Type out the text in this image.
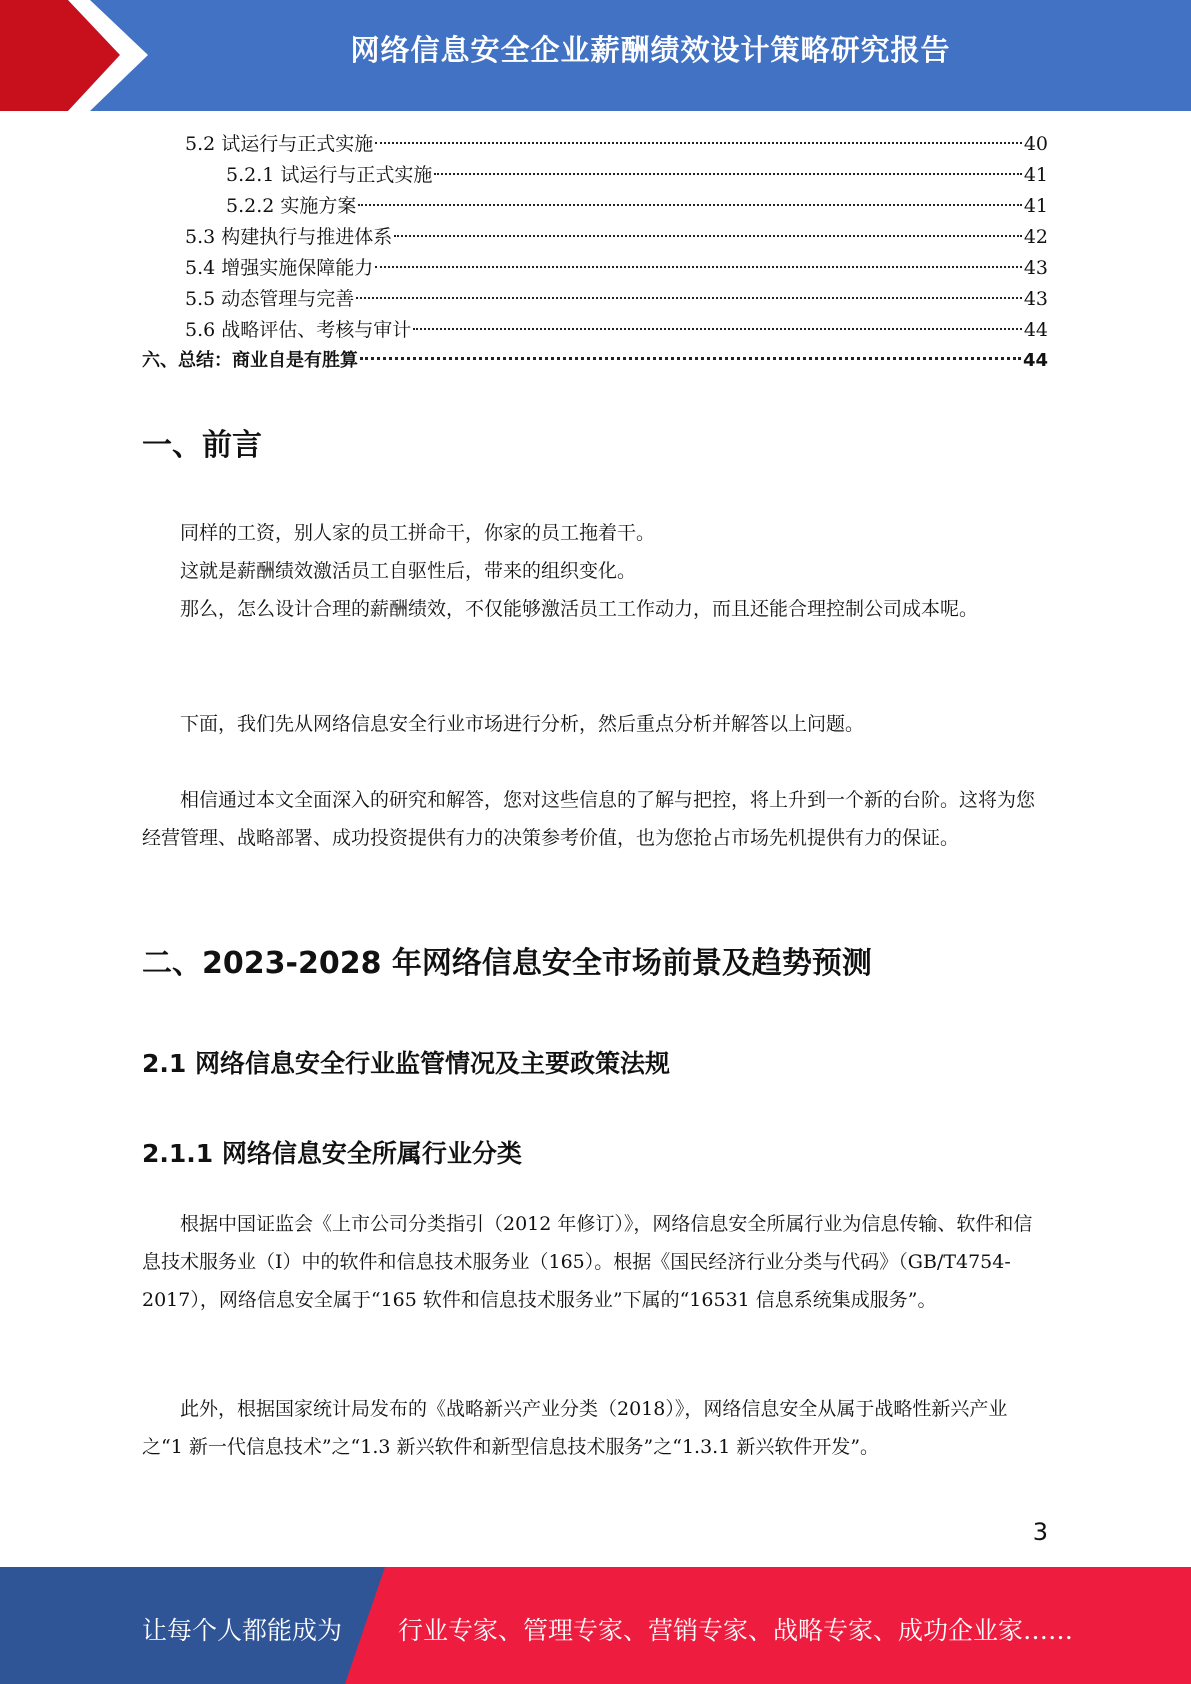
网络信息安全企业薪酬绩效设计策略研究报告
5.2 试运行与正式实施	40
5.2.1 试运行与正式实施	41
5.2.2 实施方案	41
5.3 构建执行与推进体系	42
5.4 增强实施保障能力	43
5.5 动态管理与完善	43
5.6 战略评估、考核与审计	44
六、总结：商业自是有胜算	44
一、前言

同样的工资，别人家的员工拼命干，你家的员工拖着干。

这就是薪酬绩效激活员工自驱性后，带来的组织变化。

那么，怎么设计合理的薪酬绩效，不仅能够激活员工工作动力，而且还能合理控制公司成本呢。

下面，我们先从网络信息安全行业市场进行分析，然后重点分析并解答以上问题。

相信通过本文全面深入的研究和解答，您对这些信息的了解与把控，将上升到一个新的台阶。这将为您经营管理、战略部署、成功投资提供有力的决策参考价值，也为您抢占市场先机提供有力的保证。

二、2023-2028 年网络信息安全市场前景及趋势预测
2.1 网络信息安全行业监管情况及主要政策法规
2.1.1 网络信息安全所属行业分类

根据中国证监会《上市公司分类指引（2012 年修订）》，网络信息安全所属行业为信息传输、软件和信息技术服务业（I）中的软件和信息技术服务业（165）。根据《国民经济行业分类与代码》（GB/T4754-2017），网络信息安全属于“165 软件和信息技术服务业”下属的“16531 信息系统集成服务”。

此外，根据国家统计局发布的《战略新兴产业分类（2018）》，网络信息安全从属于战略性新兴产业之“1 新一代信息技术”之“1.3 新兴软件和新型信息技术服务”之“1.3.1 新兴软件开发”。

3
让每个人都能成为 行业专家、管理专家、营销专家、战略专家、成功企业家……
